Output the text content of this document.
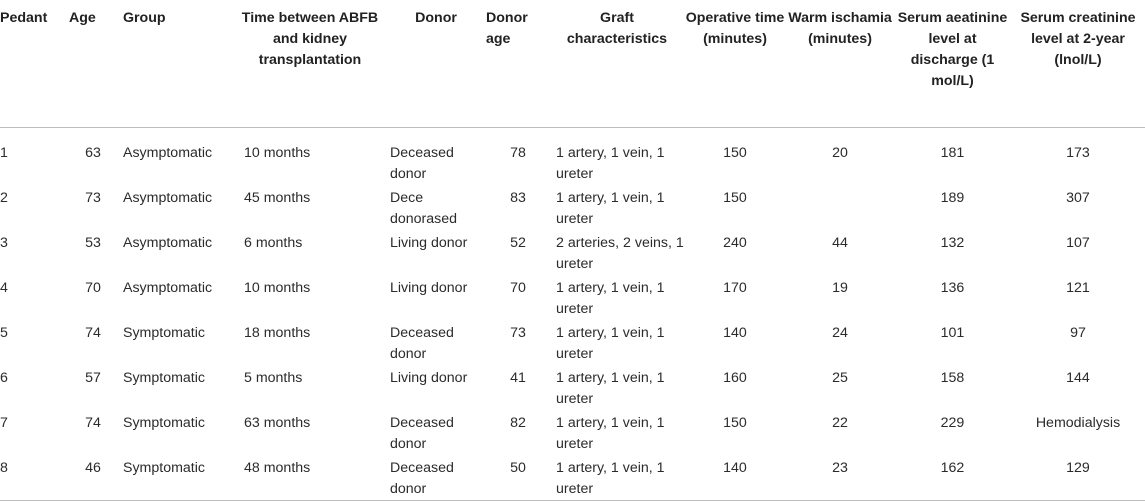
Pedant	Age	Group	Time between ABFB and kidney transplantation	Donor	Donor age	Graft characteristics	Operative time (minutes)	Warm ischamia (minutes)	Serum aeatinine level at discharge (1 mol/L)	Serum creatinine level at 2-year (lnol/L)
1	63	Asymptomatic	10 months	Deceased donor	78	1 artery, 1 vein, 1 ureter	150	20	181	173
2	73	Asymptomatic	45 months	Dece donorased	83	1 artery, 1 vein, 1 ureter	150		189	307
3	53	Asymptomatic	6 months	Living donor	52	2 arteries, 2 veins, 1 ureter	240	44	132	107
4	70	Asymptomatic	10 months	Living donor	70	1 artery, 1 vein, 1 ureter	170	19	136	121
5	74	Symptomatic	18 months	Deceased donor	73	1 artery, 1 vein, 1 ureter	140	24	101	97
6	57	Symptomatic	5 months	Living donor	41	1 artery, 1 vein, 1 ureter	160	25	158	144
7	74	Symptomatic	63 months	Deceased donor	82	1 artery, 1 vein, 1 ureter	150	22	229	Hemodialysis
8	46	Symptomatic	48 months	Deceased donor	50	1 artery, 1 vein, 1 ureter	140	23	162	129
